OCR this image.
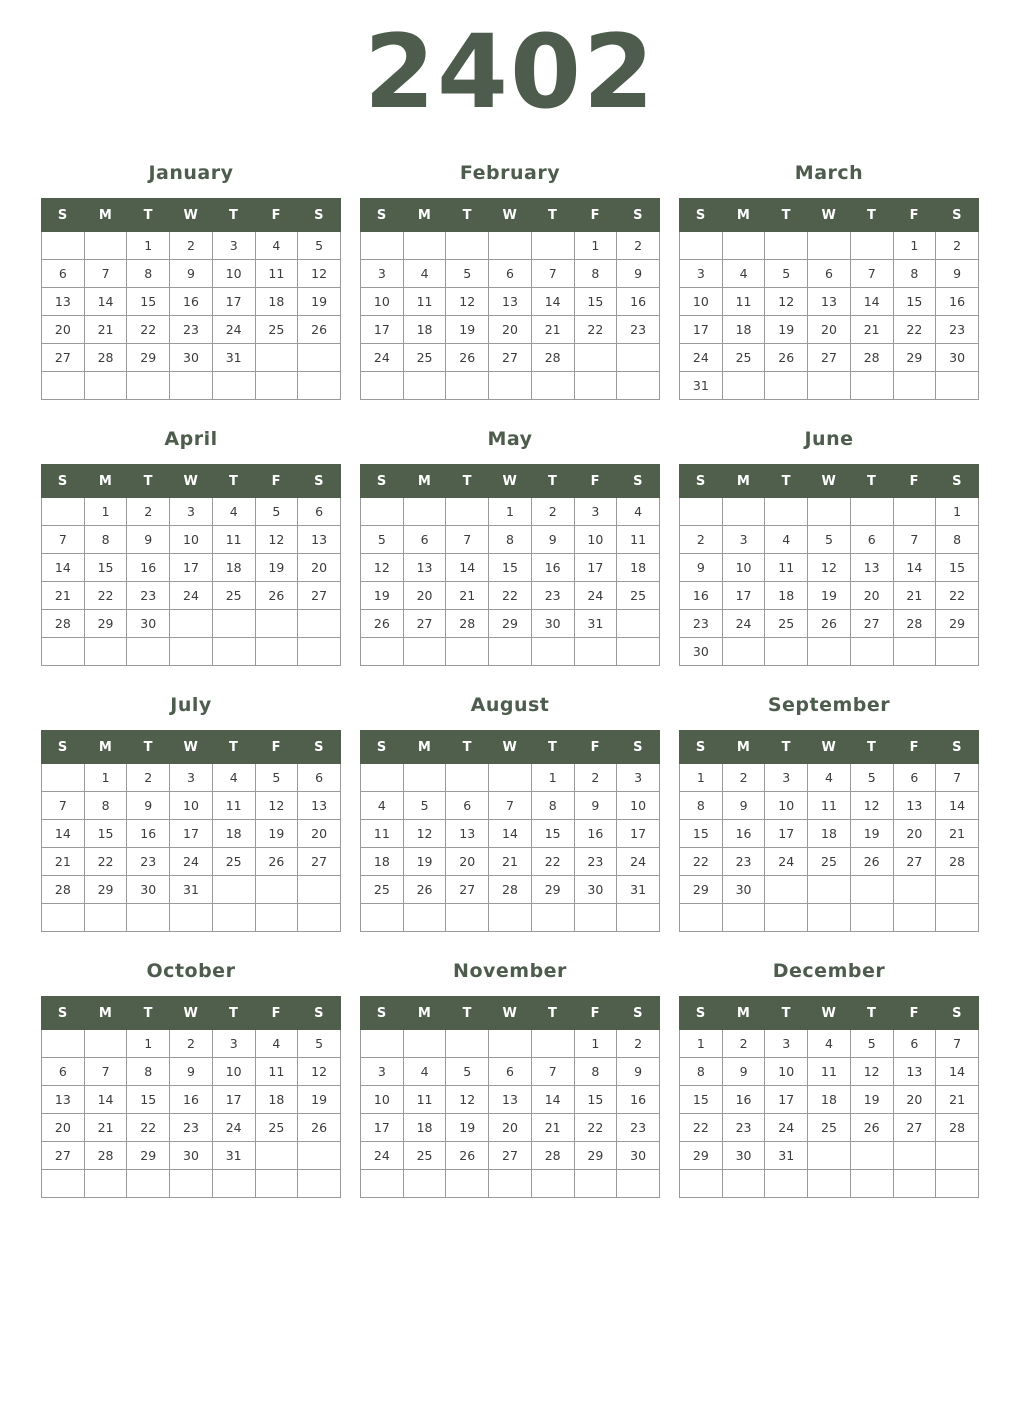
2402
January
S	M	T	W	T	F	S
		1	2	3	4	5
6	7	8	9	10	11	12
13	14	15	16	17	18	19
20	21	22	23	24	25	26
27	28	29	30	31		

February
S	M	T	W	T	F	S
					1	2
3	4	5	6	7	8	9
10	11	12	13	14	15	16
17	18	19	20	21	22	23
24	25	26	27	28		

March
S	M	T	W	T	F	S
					1	2
3	4	5	6	7	8	9
10	11	12	13	14	15	16
17	18	19	20	21	22	23
24	25	26	27	28	29	30
31						
April
S	M	T	W	T	F	S
	1	2	3	4	5	6
7	8	9	10	11	12	13
14	15	16	17	18	19	20
21	22	23	24	25	26	27
28	29	30				

May
S	M	T	W	T	F	S
			1	2	3	4
5	6	7	8	9	10	11
12	13	14	15	16	17	18
19	20	21	22	23	24	25
26	27	28	29	30	31	

June
S	M	T	W	T	F	S
						1
2	3	4	5	6	7	8
9	10	11	12	13	14	15
16	17	18	19	20	21	22
23	24	25	26	27	28	29
30						
July
S	M	T	W	T	F	S
	1	2	3	4	5	6
7	8	9	10	11	12	13
14	15	16	17	18	19	20
21	22	23	24	25	26	27
28	29	30	31			

August
S	M	T	W	T	F	S
				1	2	3
4	5	6	7	8	9	10
11	12	13	14	15	16	17
18	19	20	21	22	23	24
25	26	27	28	29	30	31

September
S	M	T	W	T	F	S
1	2	3	4	5	6	7
8	9	10	11	12	13	14
15	16	17	18	19	20	21
22	23	24	25	26	27	28
29	30					

October
S	M	T	W	T	F	S
		1	2	3	4	5
6	7	8	9	10	11	12
13	14	15	16	17	18	19
20	21	22	23	24	25	26
27	28	29	30	31		

November
S	M	T	W	T	F	S
					1	2
3	4	5	6	7	8	9
10	11	12	13	14	15	16
17	18	19	20	21	22	23
24	25	26	27	28	29	30

December
S	M	T	W	T	F	S
1	2	3	4	5	6	7
8	9	10	11	12	13	14
15	16	17	18	19	20	21
22	23	24	25	26	27	28
29	30	31				
